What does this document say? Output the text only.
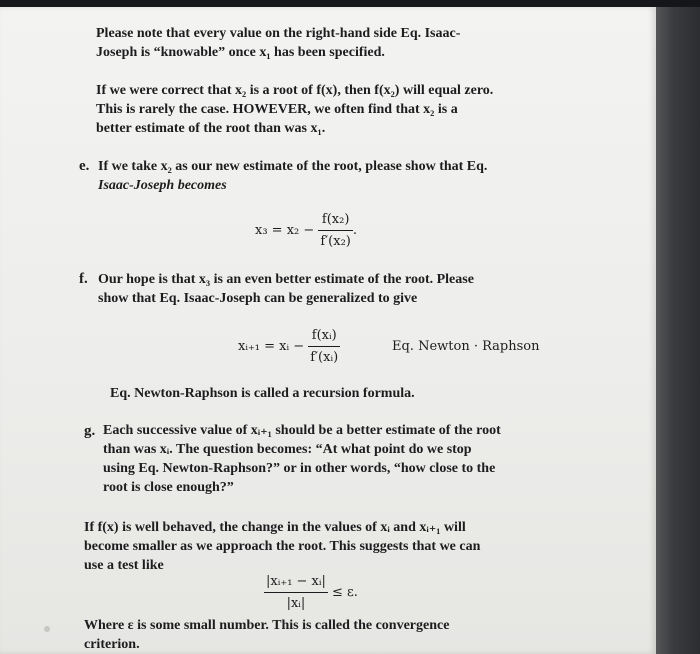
Please note that every value on the right-hand side Eq. Isaac-
Joseph is “knowable” once x₁ has been specified.
If we were correct that x₂ is a root of f(x), then f(x₂) will equal zero.
This is rarely the case. HOWEVER, we often find that x₂ is a
better estimate of the root than was x₁.
e. If we take x₂ as our new estimate of the root, please show that Eq.
Isaac-Joseph becomes
$x_3 = x_2 - \frac{\text{f(x₂)}}{\text{f′(x₂)}}$ .
f. Our hope is that x₃ is an even better estimate of the root. Please
show that Eq. Isaac-Joseph can be generalized to give
xᵢ₊₁ = xᵢ − $\frac{\text{f(xᵢ)}}{\text{f′(xᵢ)}}$	Eq. Newton · Raphson
Eq. Newton-Raphson is called a recursion formula.
g. Each successive value of xᵢ₊₁ should be a better estimate of the root
than was xᵢ. The question becomes: “At what point do we stop
using Eq. Newton-Raphson?” or in other words, “how close to the
root is close enough?”
If f(x) is well behaved, the change in the values of xᵢ and xᵢ₊₁ will
become smaller as we approach the root. This suggests that we can
use a test like
$\frac{\text{|xᵢ₊₁ − xᵢ|}}{\text{|xᵢ|}} \le \varepsilon$.
Where ε is some small number. This is called the convergence
criterion.
